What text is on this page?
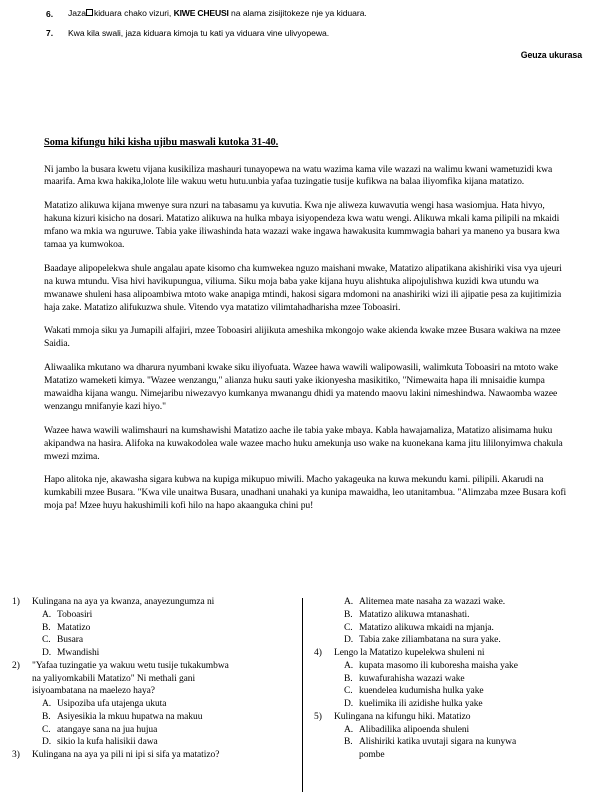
6.	Jaza kiduara chako vizuri, KIWE CHEUSI na alama zisijitokeze nje ya kiduara.
7.	Kwa kila swali, jaza kiduara kimoja tu kati ya viduara vine ulivyopewa.
Geuza ukurasa
Soma kifungu hiki kisha ujibu maswali kutoka 31-40.
Ni jambo la busara kwetu vijana kusikiliza mashauri tunayopewa na watu wazima kama vile wazazi na walimu kwani wametuzidi kwa maarifa. Ama kwa hakika,lolote lile wakuu wetu hutu.unbia yafaa tuzingatie tusije kufikwa na balaa iliyomfika kijana matatizo.
Matatizo alikuwa kijana mwenye sura nzuri na tabasamu ya kuvutia. Kwa nje aliweza kuwavutia wengi hasa wasiomjua. Hata hivyo, hakuna kizuri kisicho na dosari. Matatizo alikuwa na hulka mbaya isiyopendeza kwa watu wengi. Alikuwa mkali kama pilipili na mkaidi mfano wa mkia wa nguruwe. Tabia yake iliwashinda hata wazazi wake ingawa hawakusita kummwagia bahari ya maneno ya busara kwa tamaa ya kumwokoa.
Baadaye alipopelekwa shule angalau apate kisomo cha kumwekea nguzo maishani mwake, Matatizo alipatikana akishiriki visa vya ujeuri na kuwa mtundu. Visa hivi havikupungua, viliuma. Siku moja baba yake kijana huyu alishtuka alipojulishwa kuzidi kwa utundu wa mwanawe shuleni hasa alipoambiwa mtoto wake anapiga mtindi, hakosi sigara mdomoni na anashiriki wizi ili ajipatie pesa za kujitimizia haja zake. Matatizo alifukuzwa shule. Vitendo vya matatizo vilimtahadharisha mzee Toboasiri.
Wakati mmoja siku ya Jumapili alfajiri, mzee Toboasiri alijikuta ameshika mkongojo wake akienda kwake mzee Busara wakiwa na mzee Saidia.
Aliwaalika mkutano wa dharura nyumbani kwake siku iliyofuata. Wazee hawa wawili walipowasili, walimkuta Toboasiri na mtoto wake Matatizo wameketi kimya. "Wazee wenzangu," alianza huku sauti yake ikionyesha masikitiko, "Nimewaita hapa ili mnisaidie kumpa mawaidha kijana wangu. Nimejaribu niwezavyo kumkanya mwanangu dhidi ya matendo maovu lakini nimeshindwa. Nawaomba wazee wenzangu mnifanyie kazi hiyo."
Wazee hawa wawili walimshauri na kumshawishi Matatizo aache ile tabia yake mbaya. Kabla hawajamaliza, Matatizo alisimama huku akipandwa na hasira. Alifoka na kuwakodolea wale wazee macho huku amekunja uso wake na kuonekana kama jitu lililonyimwa chakula mwezi mzima.
Hapo alitoka nje, akawasha sigara kubwa na kupiga mikupuo miwili. Macho yakageuka na kuwa mekundu kami. pilipili. Akarudi na kumkabili mzee Busara. "Kwa vile unaitwa Busara, unadhani unahaki ya kunipa mawaidha, leo utanitambua. "Alimzaba mzee Busara kofi moja pa! Mzee huyu hakushimili kofi hilo na hapo akaanguka chini pu!
1)	Kulingana na aya ya kwanza, anayezungumza ni
A. Toboasiri
B. Matatizo
C. Busara
D. Mwandishi
2)	"Yafaa tuzingatie ya wakuu wetu tusije tukakumbwa
na yaliyomkabili Matatizo" Ni methali gani
isiyoambatana na maelezo haya?
A. Usipoziba ufa utajenga ukuta
B. Asiyesikia la mkuu hupatwa na makuu
C. atangaye sana na jua hujua
D. sikio la kufa halisikii dawa
3)	Kulingana na aya ya pili ni ipi si sifa ya matatizo?
A. Alitemea mate nasaha za wazazi wake.
B. Matatizo alikuwa mtanashati.
C. Matatizo alikuwa mkaidi na mjanja.
D. Tabia zake ziliambatana na sura yake.
4)	Lengo la Matatizo kupelekwa shuleni ni
A. kupata masomo ili kuboresha maisha yake
B. kuwafurahisha wazazi wake
C. kuendelea kudumisha hulka yake
D. kuelimika ili azidishe hulka yake
5)	Kulingana na kifungu hiki. Matatizo
A. Alibadilika alipoenda shuleni
B. Alishiriki katika uvutaji sigara na kunywa
pombe
